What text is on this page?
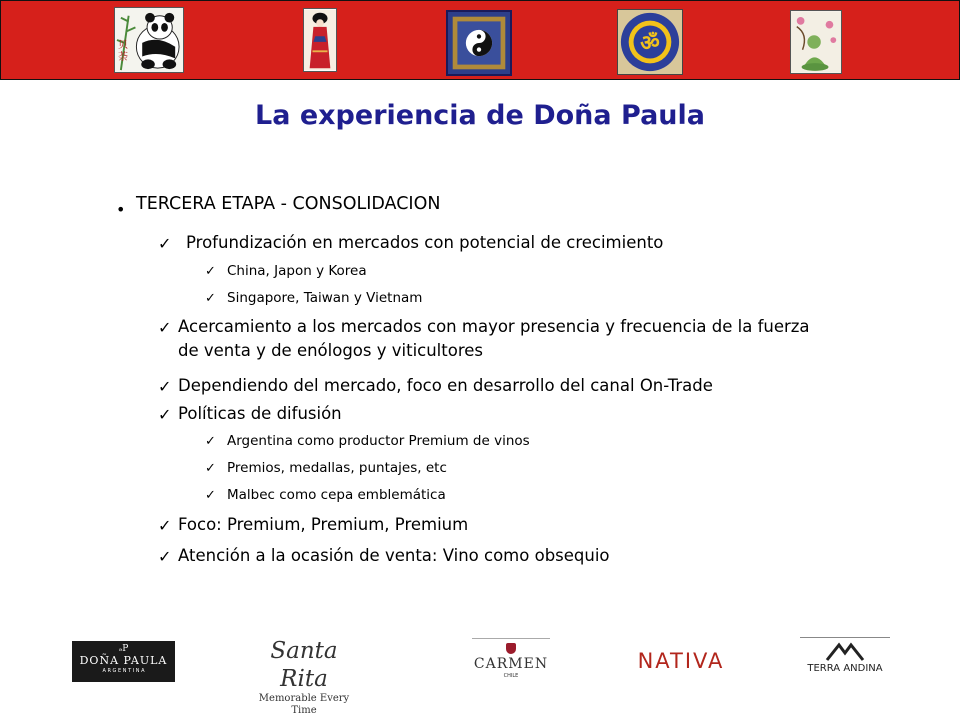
贝 荼
ॐ
La experiencia de Doña Paula
• TERCERA ETAPA - CONSOLIDACION
✓ Profundización en mercados con potencial de crecimiento
✓ China, Japon y Korea
✓ Singapore, Taiwan y Vietnam
✓ Acercamiento a los mercados con mayor presencia y frecuencia de la fuerza
de venta y de enólogos y viticultores
✓ Dependiendo del mercado, foco en desarrollo del canal On-Trade
✓ Políticas de difusión
✓ Argentina como productor Premium de vinos
✓ Premios, medallas, puntajes, etc
✓ Malbec como cepa emblemática
✓ Foco: Premium, Premium, Premium
✓ Atención a la ocasión de venta: Vino como obsequio
ₔP
DOÑA PAULA
A R G E N T I N A
Santa Rita
Memorable Every Time
CARMEN
CHILE
NATIVA	TERRA ANDINA
